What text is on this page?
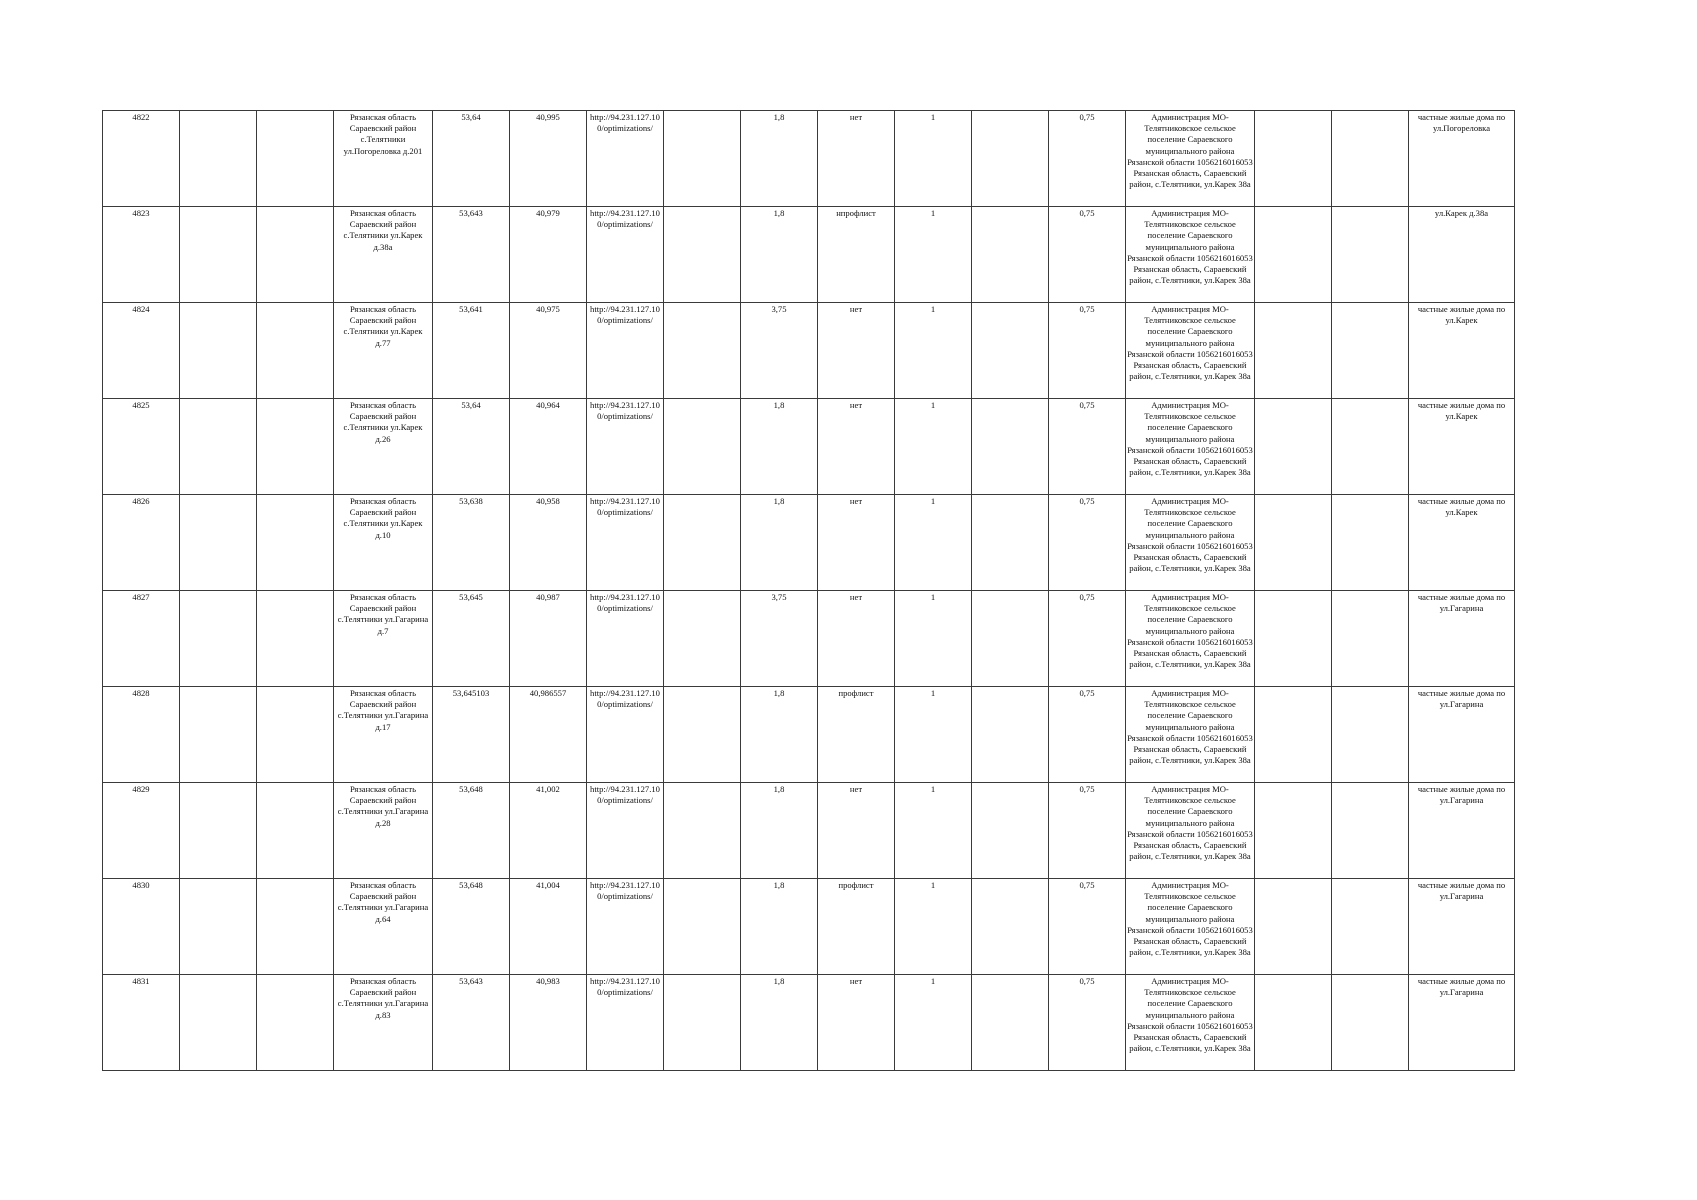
4822			Рязанская область Сараевский район с.Телятники ул.Погореловка д.201	53,64	40,995	http://94.231.127.100/optimizations/		1,8	нет	1		0,75	Администрация МО-Телятниковское сельское поселение Сараевского муниципального района Рязанской области 1056216016053 Рязанская область, Сараевский район, с.Телятники, ул.Карек 38а			частные жилые дома по ул.Погореловка
4823			Рязанская область Сараевский район с.Телятники ул.Карек д.38а	53,643	40,979	http://94.231.127.100/optimizations/		1,8	нпрофлист	1		0,75	Администрация МО-Телятниковское сельское поселение Сараевского муниципального района Рязанской области 1056216016053 Рязанская область, Сараевский район, с.Телятники, ул.Карек 38а			ул.Карек д.38а
4824			Рязанская область Сараевский район с.Телятники ул.Карек д.77	53,641	40,975	http://94.231.127.100/optimizations/		3,75	нет	1		0,75	Администрация МО-Телятниковское сельское поселение Сараевского муниципального района Рязанской области 1056216016053 Рязанская область, Сараевский район, с.Телятники, ул.Карек 38а			частные жилые дома по ул.Карек
4825			Рязанская область Сараевский район с.Телятники ул.Карек д.26	53,64	40,964	http://94.231.127.100/optimizations/		1,8	нет	1		0,75	Администрация МО-Телятниковское сельское поселение Сараевского муниципального района Рязанской области 1056216016053 Рязанская область, Сараевский район, с.Телятники, ул.Карек 38а			частные жилые дома по ул.Карек
4826			Рязанская область Сараевский район с.Телятники ул.Карек д.10	53,638	40,958	http://94.231.127.100/optimizations/		1,8	нет	1		0,75	Администрация МО-Телятниковское сельское поселение Сараевского муниципального района Рязанской области 1056216016053 Рязанская область, Сараевский район, с.Телятники, ул.Карек 38а			частные жилые дома по ул.Карек
4827			Рязанская область Сараевский район с.Телятники ул.Гагарина д.7	53,645	40,987	http://94.231.127.100/optimizations/		3,75	нет	1		0,75	Администрация МО-Телятниковское сельское поселение Сараевского муниципального района Рязанской области 1056216016053 Рязанская область, Сараевский район, с.Телятники, ул.Карек 38а			частные жилые дома по ул.Гагарина
4828			Рязанская область Сараевский район с.Телятники ул.Гагарина д.17	53,645103	40,986557	http://94.231.127.100/optimizations/		1,8	профлист	1		0,75	Администрация МО-Телятниковское сельское поселение Сараевского муниципального района Рязанской области 1056216016053 Рязанская область, Сараевский район, с.Телятники, ул.Карек 38а			частные жилые дома по ул.Гагарина
4829			Рязанская область Сараевский район с.Телятники ул.Гагарина д.28	53,648	41,002	http://94.231.127.100/optimizations/		1,8	нет	1		0,75	Администрация МО-Телятниковское сельское поселение Сараевского муниципального района Рязанской области 1056216016053 Рязанская область, Сараевский район, с.Телятники, ул.Карек 38а			частные жилые дома по ул.Гагарина
4830			Рязанская область Сараевский район с.Телятники ул.Гагарина д.64	53,648	41,004	http://94.231.127.100/optimizations/		1,8	профлист	1		0,75	Администрация МО-Телятниковское сельское поселение Сараевского муниципального района Рязанской области 1056216016053 Рязанская область, Сараевский район, с.Телятники, ул.Карек 38а			частные жилые дома по ул.Гагарина
4831			Рязанская область Сараевский район с.Телятники ул.Гагарина д.83	53,643	40,983	http://94.231.127.100/optimizations/		1,8	нет	1		0,75	Администрация МО-Телятниковское сельское поселение Сараевского муниципального района Рязанской области 1056216016053 Рязанская область, Сараевский район, с.Телятники, ул.Карек 38а			частные жилые дома по ул.Гагарина
